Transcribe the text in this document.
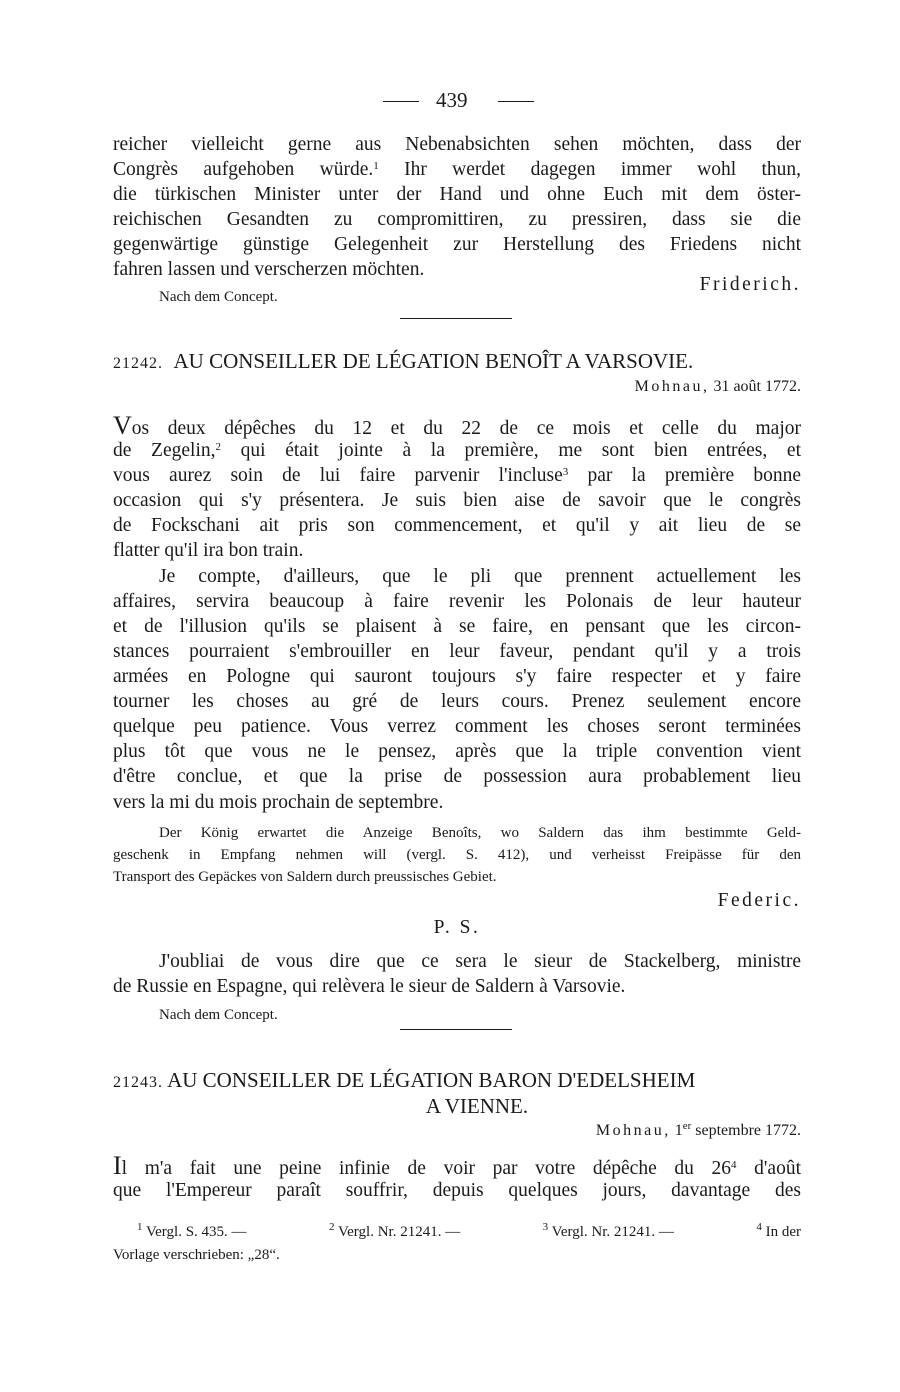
439
reicher vielleicht gerne aus Nebenabsichten sehen möchten, dass der
Congrès aufgehoben würde.$^1$ Ihr werdet dagegen immer wohl thun,
die türkischen Minister unter der Hand und ohne Euch mit dem öster-
reichischen Gesandten zu compromittiren, zu pressiren, dass sie die
gegenwärtige günstige Gelegenheit zur Herstellung des Friedens nicht
fahren lassen und verscherzen möchten.
Friderich.
Nach dem Concept.
21242. AU CONSEILLER DE LÉGATION BENOÎT A VARSOVIE.
Mohnau, 31 août 1772.
Vos deux dépêches du 12 et du 22 de ce mois et celle du major
de Zegelin,$^2$ qui était jointe à la première, me sont bien entrées, et
vous aurez soin de lui faire parvenir l'incluse$^3$ par la première bonne
occasion qui s'y présentera. Je suis bien aise de savoir que le congrès
de Fockschani ait pris son commencement, et qu'il y ait lieu de se
flatter qu'il ira bon train.
Je compte, d'ailleurs, que le pli que prennent actuellement les
affaires, servira beaucoup à faire revenir les Polonais de leur hauteur
et de l'illusion qu'ils se plaisent à se faire, en pensant que les circon-
stances pourraient s'embrouiller en leur faveur, pendant qu'il y a trois
armées en Pologne qui sauront toujours s'y faire respecter et y faire
tourner les choses au gré de leurs cours. Prenez seulement encore
quelque peu patience. Vous verrez comment les choses seront terminées
plus tôt que vous ne le pensez, après que la triple convention vient
d'être conclue, et que la prise de possession aura probablement lieu
vers la mi du mois prochain de septembre.
Der König erwartet die Anzeige Benoîts, wo Saldern das ihm bestimmte Geld-
geschenk in Empfang nehmen will (vergl. S. 412), und verheisst Freipässe für den
Transport des Gepäckes von Saldern durch preussisches Gebiet.
Federic.
P. S.
J'oubliai de vous dire que ce sera le sieur de Stackelberg, ministre
de Russie en Espagne, qui relèvera le sieur de Saldern à Varsovie.
Nach dem Concept.
21243. AU CONSEILLER DE LÉGATION BARON D'EDELSHEIM
A VIENNE.
Mohnau, 1er septembre 1772.
Il m'a fait une peine infinie de voir par votre dépêche du $26^4$ d'août
que l'Empereur paraît souffrir, depuis quelques jours, davantage des
$^1$ Vergl. S. 435. —	$^2$ Vergl. Nr. 21241. —	$^3$ Vergl. Nr. 21241. —	$^4$ In der
Vorlage verschrieben: „28“.
